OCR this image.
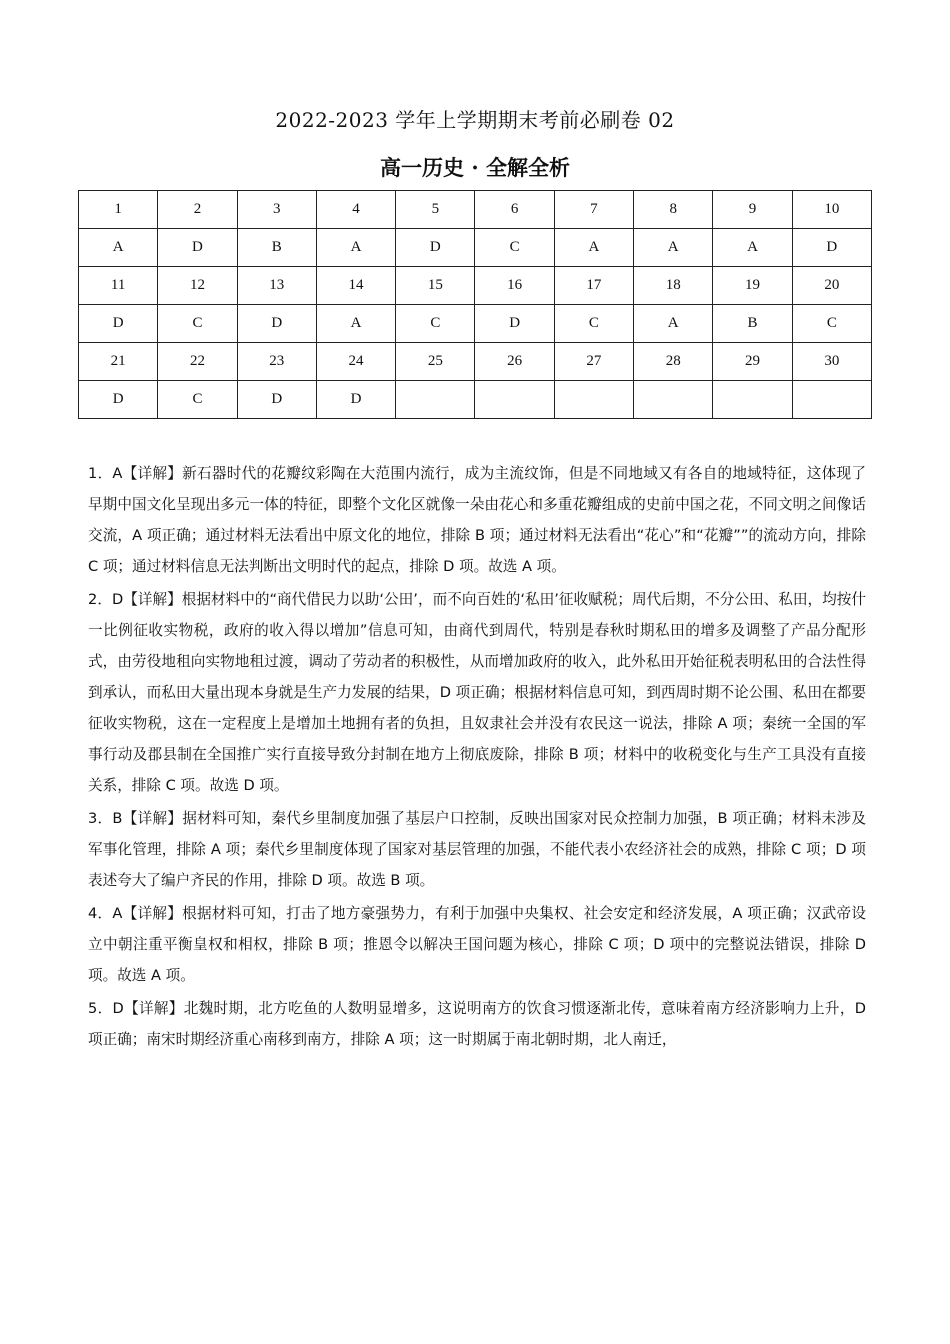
2022-2023 学年上学期期末考前必刷卷 02
高一历史 · 全解全析
1	2	3	4	5	6	7	8	9	10
A	D	B	A	D	C	A	A	A	D
11	12	13	14	15	16	17	18	19	20
D	C	D	A	C	D	C	A	B	C
21	22	23	24	25	26	27	28	29	30
D	C	D	D						

1．A【详解】新石器时代的花瓣纹彩陶在大范围内流行，成为主流纹饰，但是不同地域又有各自的地域特征，这体现了早期中国文化呈现出多元一体的特征，即整个文化区就像一朵由花心和多重花瓣组成的史前中国之花，不同文明之间像话交流，A 项正确；通过材料无法看出中原文化的地位，排除 B 项；通过材料无法看出“花心”和“花瓣””的流动方向，排除 C 项；通过材料信息无法判断出文明时代的起点，排除 D 项。故选 A 项。

2．D【详解】根据材料中的“商代借民力以助‘公田’，而不向百姓的‘私田’征收赋税；周代后期，不分公田、私田，均按什一比例征收实物税，政府的收入得以增加”信息可知，由商代到周代，特别是春秋时期私田的增多及调整了产品分配形式，由劳役地租向实物地租过渡，调动了劳动者的积极性，从而增加政府的收入，此外私田开始征税表明私田的合法性得到承认，而私田大量出现本身就是生产力发展的结果，D 项正确；根据材料信息可知，到西周时期不论公围、私田在都要征收实物税，这在一定程度上是增加土地拥有者的负担，且奴隶社会并没有农民这一说法，排除 A 项；秦统一全国的军事行动及郡县制在全国推广实行直接导致分封制在地方上彻底废除，排除 B 项；材料中的收税变化与生产工具没有直接关系，排除 C 项。故选 D 项。

3．B【详解】据材料可知，秦代乡里制度加强了基层户口控制，反映出国家对民众控制力加强，B 项正确；材料未涉及军事化管理，排除 A 项；秦代乡里制度体现了国家对基层管理的加强，不能代表小农经济社会的成熟，排除 C 项；D 项表述夸大了编户齐民的作用，排除 D 项。故选 B 项。

4．A【详解】根据材料可知，打击了地方豪强势力，有利于加强中央集权、社会安定和经济发展，A 项正确；汉武帝设立中朝注重平衡皇权和相权，排除 B 项；推恩令以解决王国问题为核心，排除 C 项；D 项中的完整说法错误，排除 D 项。故选 A 项。

5．D【详解】北魏时期，北方吃鱼的人数明显增多，这说明南方的饮食习惯逐渐北传，意味着南方经济影响力上升，D 项正确；南宋时期经济重心南移到南方，排除 A 项；这一时期属于南北朝时期，北人南迁，
